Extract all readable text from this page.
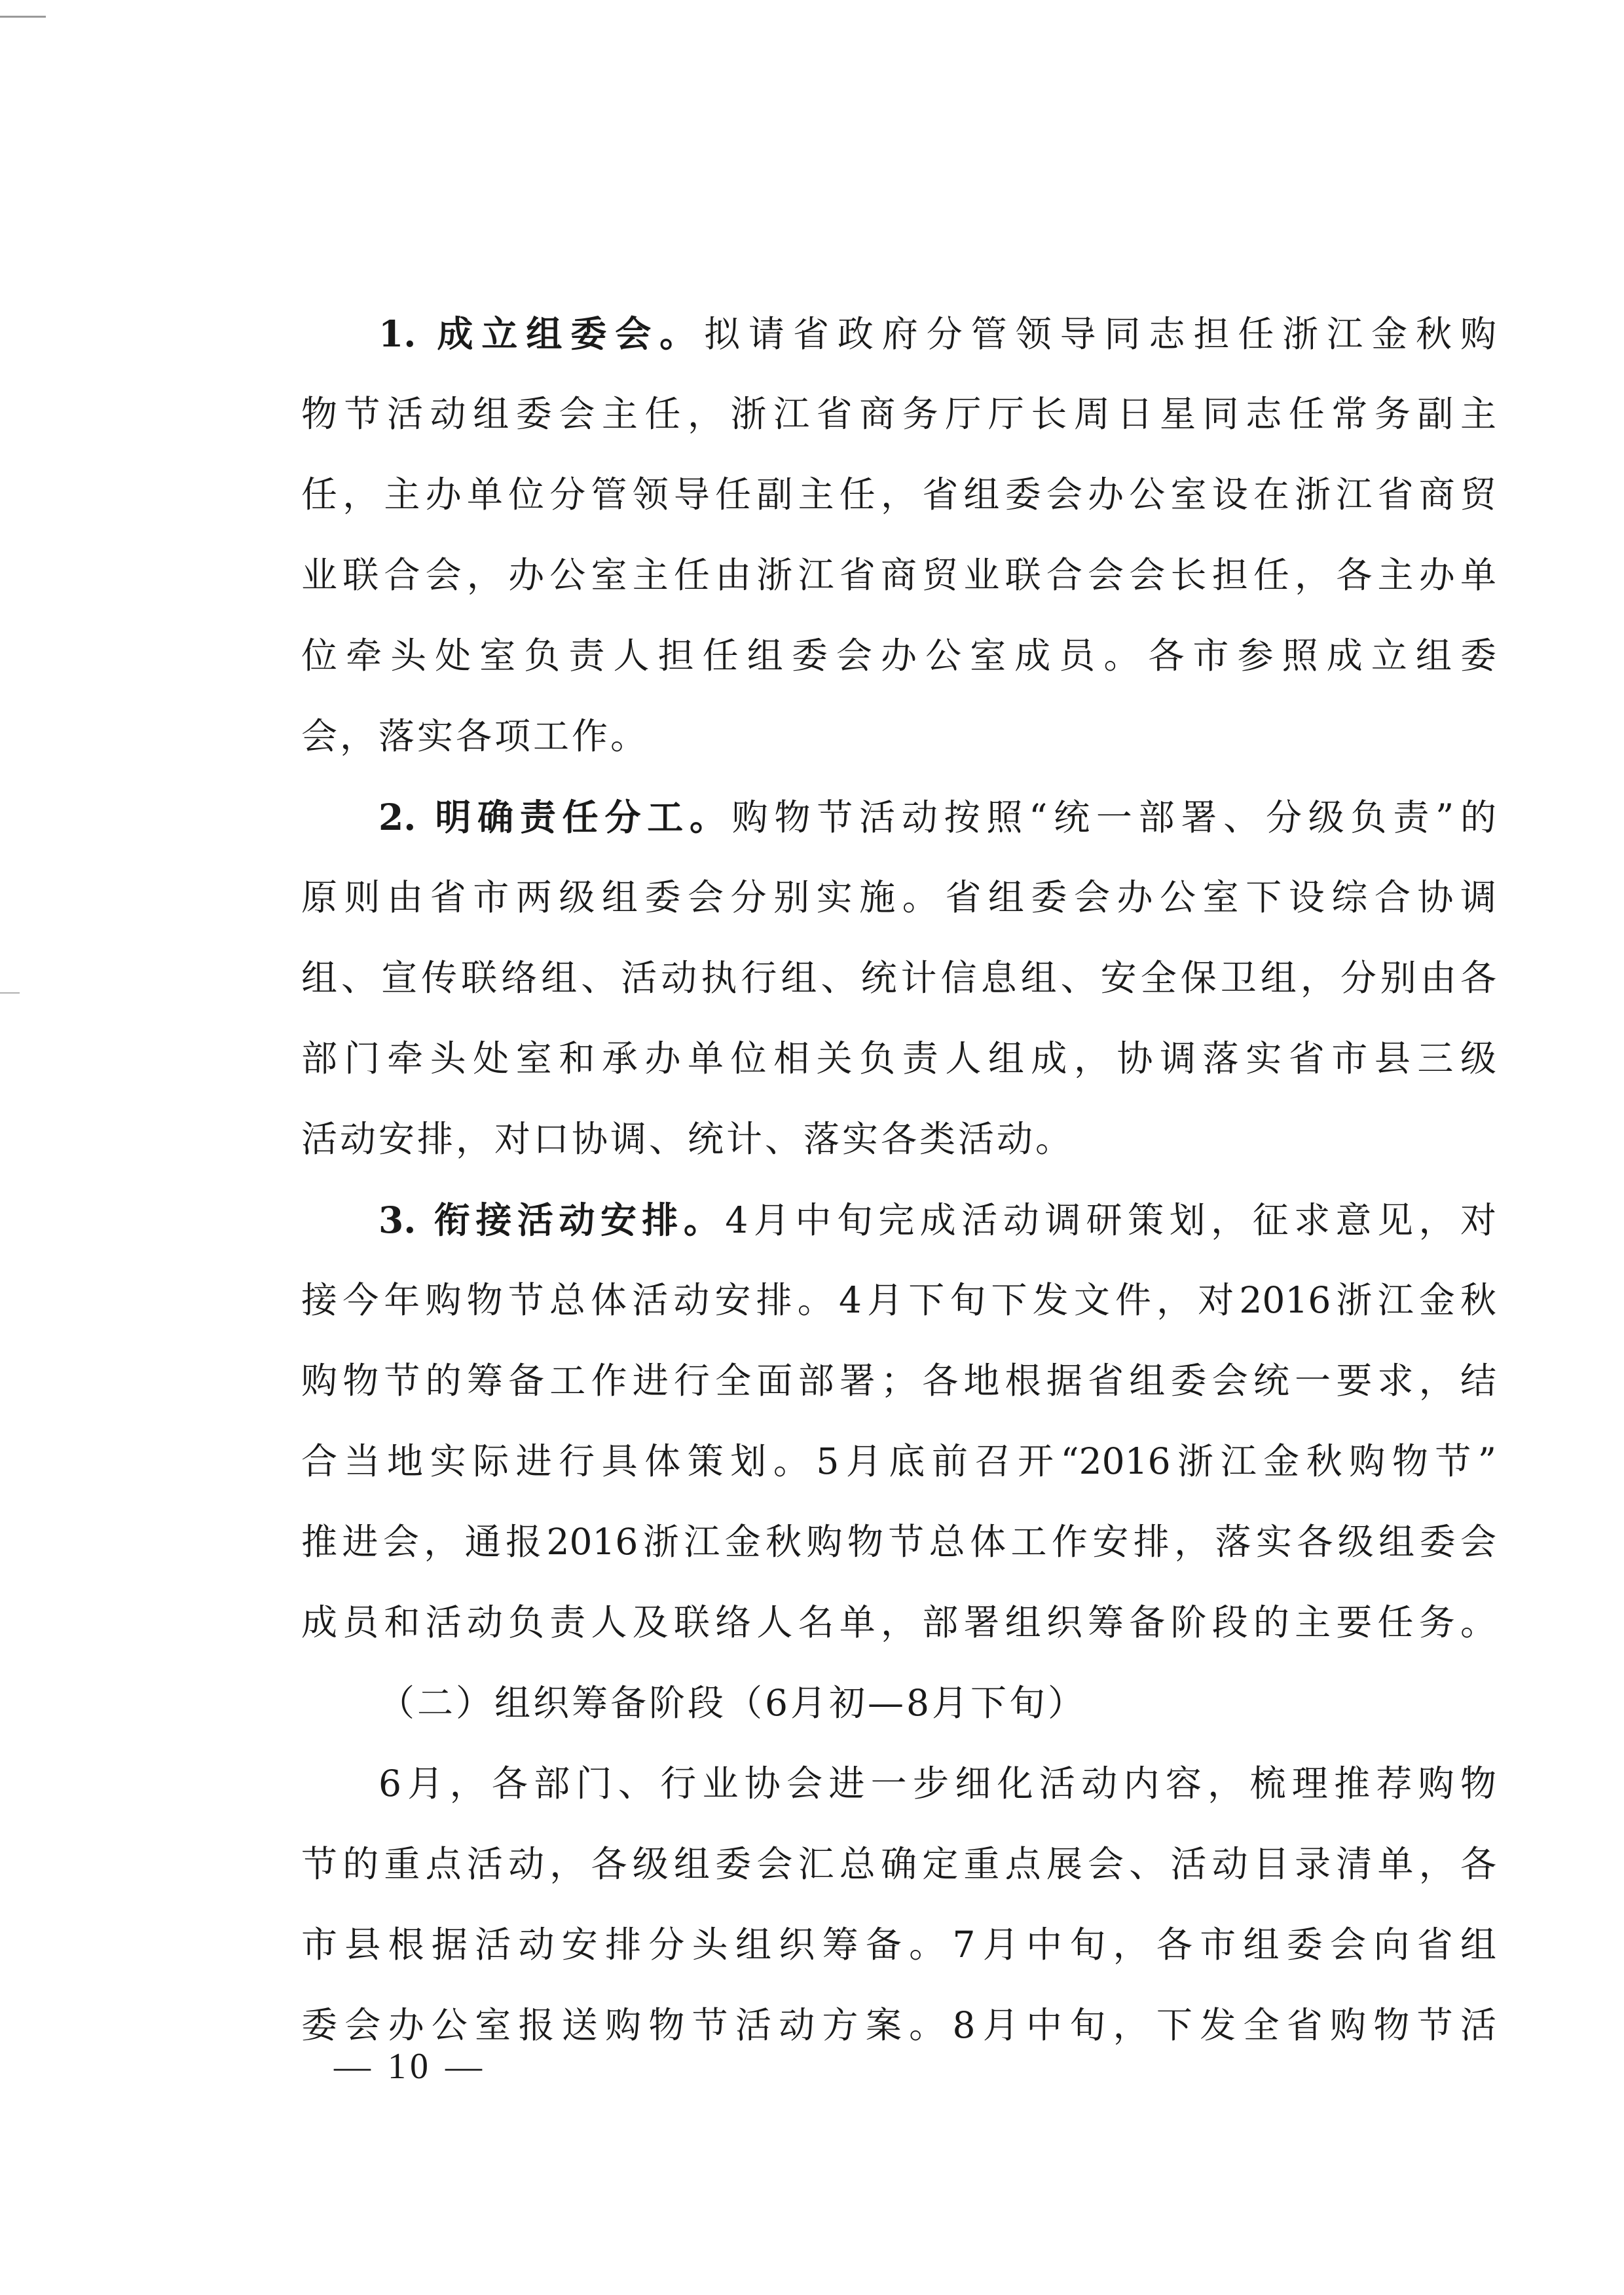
1. 成立组委会。拟请省政府分管领导同志担任浙江金秋购
物节活动组委会主任，浙江省商务厅厅长周日星同志任常务副主
任，主办单位分管领导任副主任，省组委会办公室设在浙江省商贸
业联合会，办公室主任由浙江省商贸业联合会会长担任，各主办单
位牵头处室负责人担任组委会办公室成员。各市参照成立组委
会，落实各项工作。
2. 明确责任分工。购物节活动按照“统一部署、分级负责”的
原则由省市两级组委会分别实施。省组委会办公室下设综合协调
组、宣传联络组、活动执行组、统计信息组、安全保卫组，分别由各
部门牵头处室和承办单位相关负责人组成，协调落实省市县三级
活动安排，对口协调、统计、落实各类活动。
3. 衔接活动安排。4月中旬完成活动调研策划，征求意见，对
接今年购物节总体活动安排。4月下旬下发文件，对2016浙江金秋
购物节的筹备工作进行全面部署；各地根据省组委会统一要求，结
合当地实际进行具体策划。5月底前召开“2016浙江金秋购物节”
推进会，通报2016浙江金秋购物节总体工作安排，落实各级组委会
成员和活动负责人及联络人名单，部署组织筹备阶段的主要任务。
（二）组织筹备阶段（6月初—8月下旬）
6月，各部门、行业协会进一步细化活动内容，梳理推荐购物
节的重点活动，各级组委会汇总确定重点展会、活动目录清单，各
市县根据活动安排分头组织筹备。7月中旬，各市组委会向省组
委会办公室报送购物节活动方案。8月中旬，下发全省购物节活
— 10 —
